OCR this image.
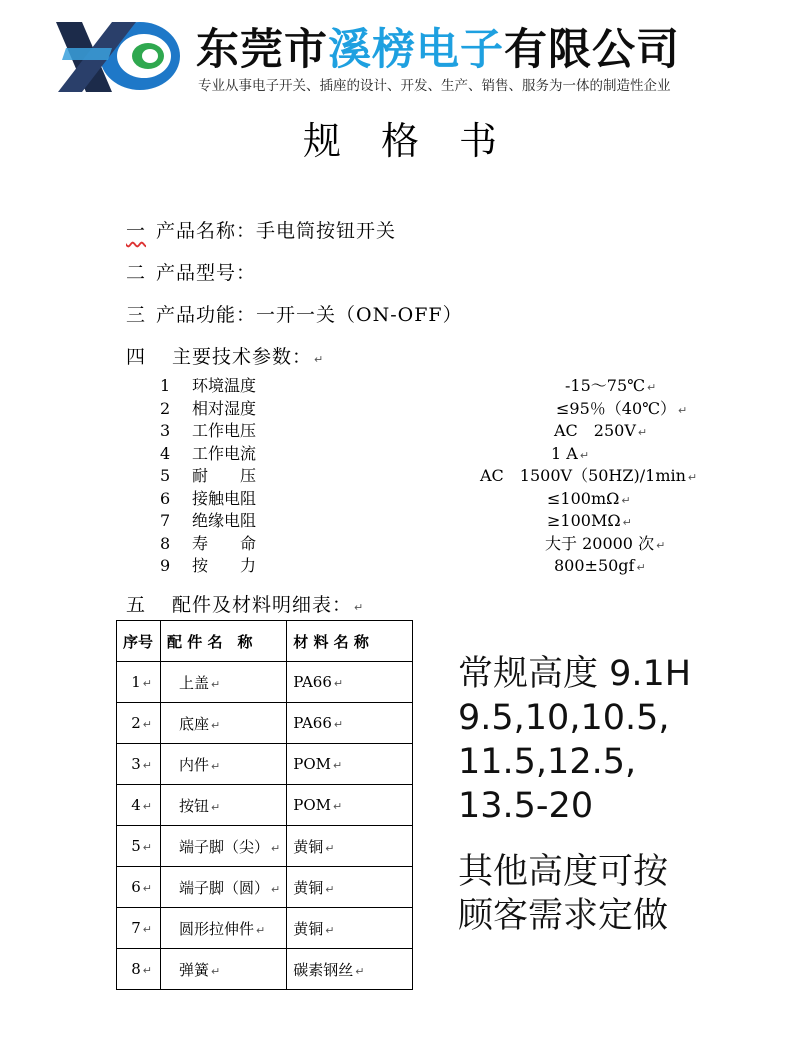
东莞市溪榜电子有限公司
专业从事电子开关、插座的设计、开发、生产、销售、服务为一体的制造性企业
规格书
一 产品名称：手电筒按钮开关
二 产品型号：
三 产品功能：一开一关（ON-OFF）
四 主要技术参数： ↵
1 环境温度	-15～75℃ ↵
2 相对湿度	≤95％（40℃） ↵
3 工作电压	AC　250V ↵
4 工作电流	1 A ↵
5 耐　　压	AC　1500V（50HZ)/1min ↵
6 接触电阻	≤100mΩ ↵
7 绝缘电阻	≥100MΩ ↵
8 寿　　命	大于 20000 次 ↵
9 按　　力	800±50gf ↵
五 配件及材料明细表： ↵
序号	配 件 名　称	材 料 名 称
1 ↵	上盖 ↵	PA66 ↵
2 ↵	底座 ↵	PA66 ↵
3 ↵	内件 ↵	POM ↵
4 ↵	按钮 ↵	POM ↵
5 ↵	端子脚（尖） ↵	黄铜 ↵
6 ↵	端子脚（圆） ↵	黄铜 ↵
7 ↵	圆形拉伸件 ↵	黄铜 ↵
8 ↵	弹簧 ↵	碳素钢丝 ↵
常规高度 9.1H
9.5,10,10.5,
11.5,12.5,
13.5-20
其他高度可按
顾客需求定做
